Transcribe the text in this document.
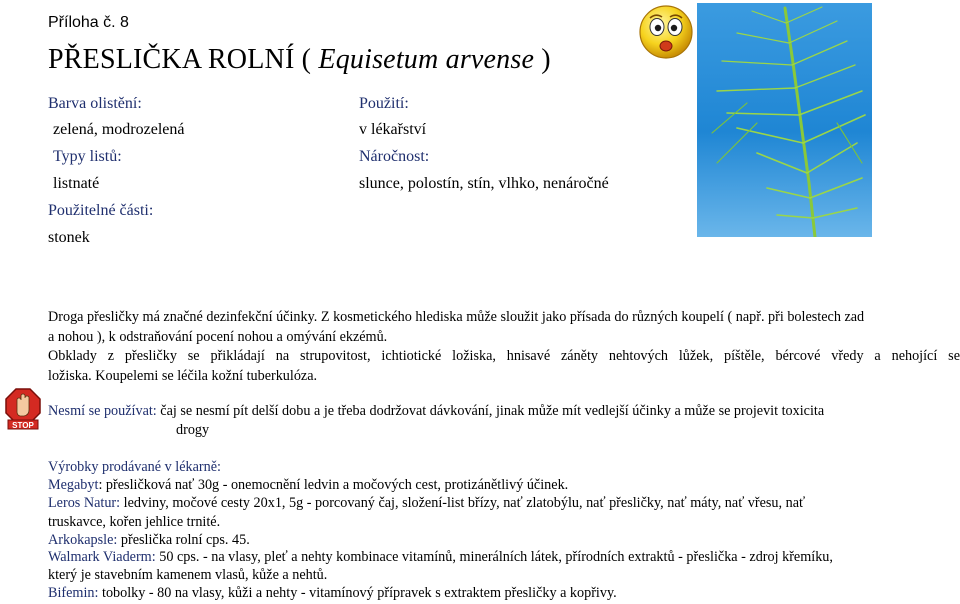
Příloha č. 8
PŘESLIČKA ROLNÍ ( Equisetum arvense )
Barva olistění:
zelená, modrozelená
Typy listů:
listnaté
Použitelné části:
stonek
Použití:
v lékařství
Náročnost:
slunce, polostín, stín, vlhko, nenáročné
Droga přesličky má značné dezinfekční účinky. Z kosmetického hlediska může sloužit jako přísada do různých koupelí ( např. při bolestech zad
a nohou ), k odstraňování pocení nohou a omývání ekzémů.
Obklady z přesličky se přikládají na strupovitost, ichtiotické ložiska, hnisavé záněty nehtových lůžek, píštěle, bércové vředy a nehojící se
ložiska. Koupelemi se léčila kožní tuberkulóza.
STOP
Nesmí se používat: čaj se nesmí pít delší dobu a je třeba dodržovat dávkování, jinak může mít vedlejší účinky a může se projevit toxicita
drogy
Výrobky prodávané v lékarně:
Megabyt: přesličková nať 30g - onemocnění ledvin a močových cest, protizánětlivý účinek.
Leros Natur: ledviny, močové cesty 20x1, 5g - porcovaný čaj, složení-list břízy, nať zlatobýlu, nať přesličky, nať máty, nať vřesu, nať
truskavce, kořen jehlice trnité.
Arkokapsle: přeslička rolní cps. 45.
Walmark Viaderm: 50 cps. - na vlasy, pleť a nehty kombinace vitamínů, minerálních látek, přírodních extraktů - přeslička - zdroj křemíku,
který je stavebním kamenem vlasů, kůže a nehtů.
Bifemin: tobolky - 80 na vlasy, kůži a nehty - vitamínový přípravek s extraktem přesličky a kopřivy.
